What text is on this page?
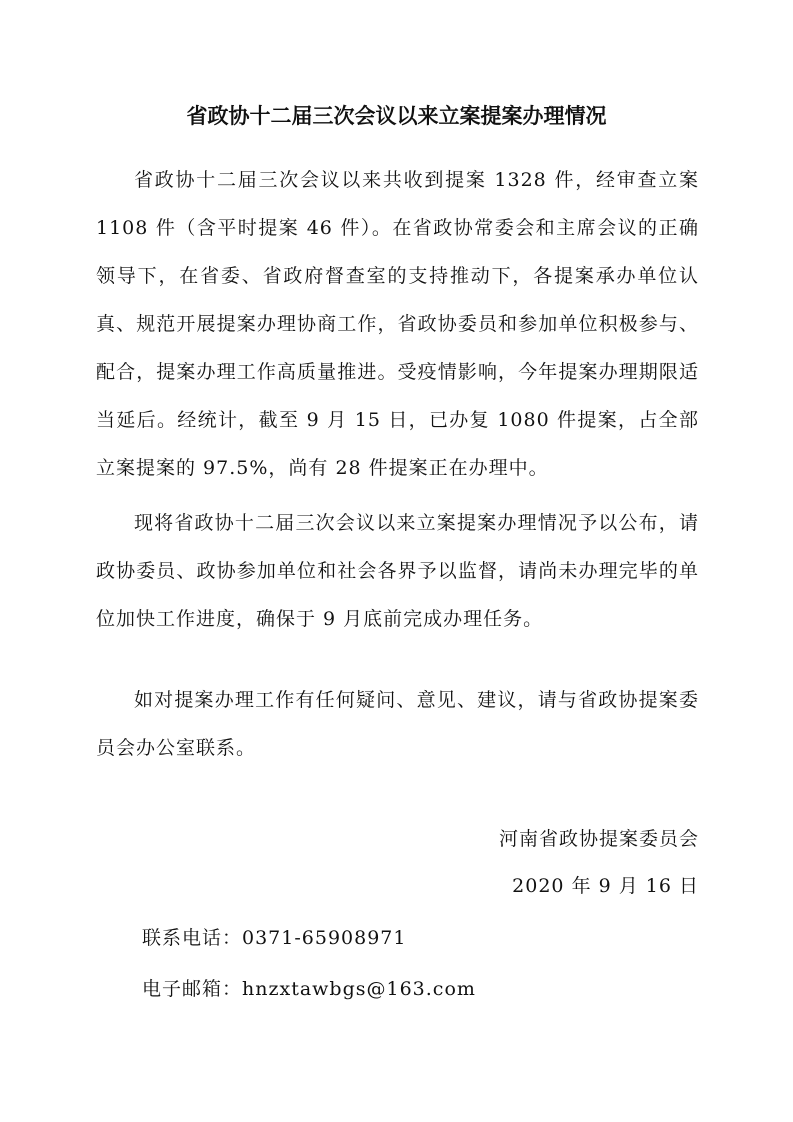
省政协十二届三次会议以来立案提案办理情况

省政协十二届三次会议以来共收到提案 1328 件，经审查立案 1108 件（含平时提案 46 件）。在省政协常委会和主席会议的正确领导下，在省委、省政府督查室的支持推动下，各提案承办单位认真、规范开展提案办理协商工作，省政协委员和参加单位积极参与、配合，提案办理工作高质量推进。受疫情影响，今年提案办理期限适当延后。经统计，截至 9 月 15 日，已办复 1080 件提案，占全部立案提案的 97.5%，尚有 28 件提案正在办理中。

现将省政协十二届三次会议以来立案提案办理情况予以公布，请政协委员、政协参加单位和社会各界予以监督，请尚未办理完毕的单位加快工作进度，确保于 9 月底前完成办理任务。

如对提案办理工作有任何疑问、意见、建议，请与省政协提案委员会办公室联系。

河南省政协提案委员会
2020 年 9 月 16 日
联系电话：0371-65908971
电子邮箱：hnzxtawbgs@163.com
